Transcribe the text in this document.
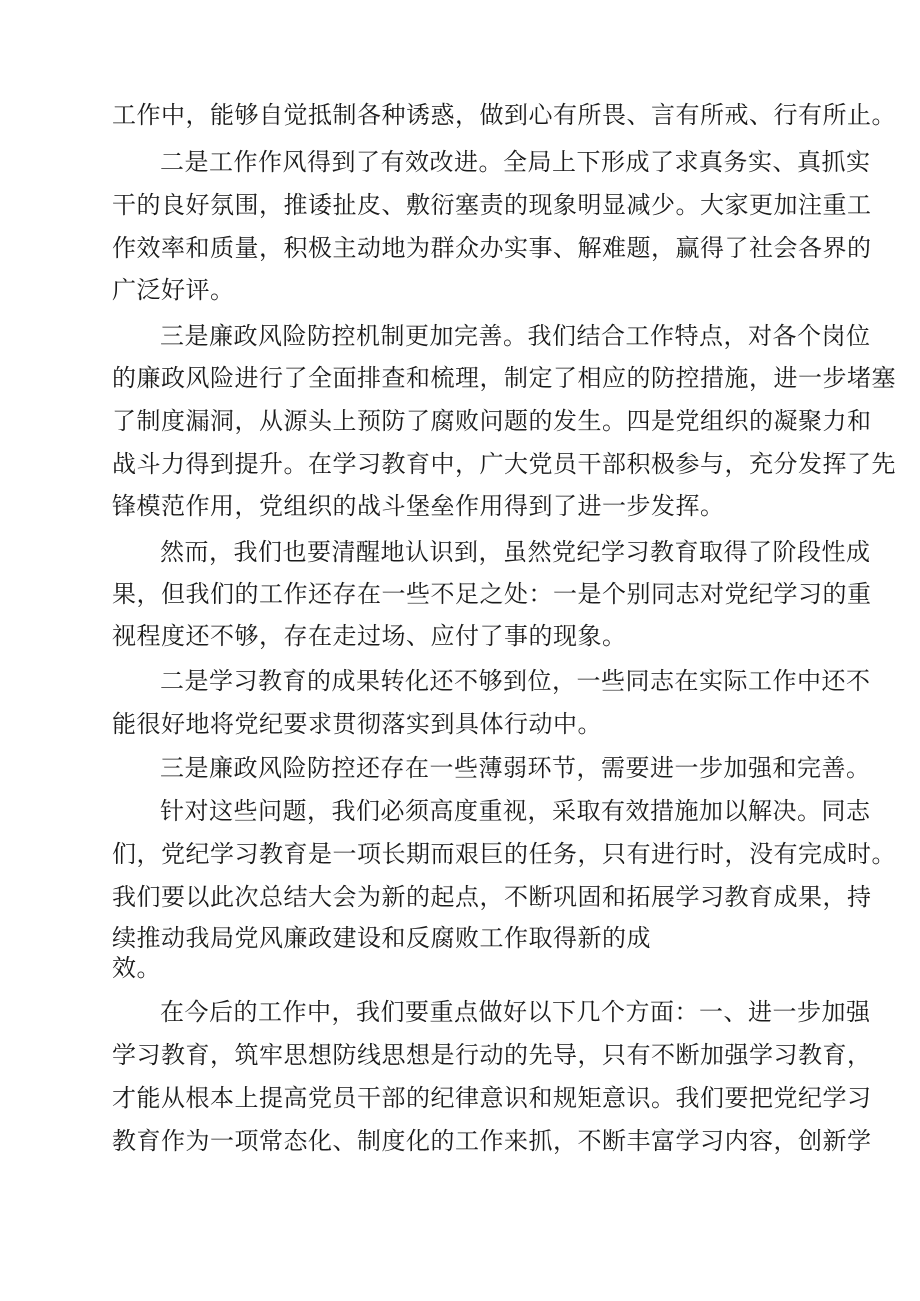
工作中，能够自觉抵制各种诱惑，做到心有所畏、言有所戒、行有所止。

二是工作作风得到了有效改进。全局上下形成了求真务实、真抓实

干的良好氛围，推诿扯皮、敷衍塞责的现象明显减少。大家更加注重工

作效率和质量，积极主动地为群众办实事、解难题，赢得了社会各界的

广泛好评。

三是廉政风险防控机制更加完善。我们结合工作特点，对各个岗位

的廉政风险进行了全面排查和梳理，制定了相应的防控措施，进一步堵塞

了制度漏洞，从源头上预防了腐败问题的发生。四是党组织的凝聚力和

战斗力得到提升。在学习教育中，广大党员干部积极参与，充分发挥了先

锋模范作用，党组织的战斗堡垒作用得到了进一步发挥。

然而，我们也要清醒地认识到，虽然党纪学习教育取得了阶段性成

果，但我们的工作还存在一些不足之处：一是个别同志对党纪学习的重

视程度还不够，存在走过场、应付了事的现象。

二是学习教育的成果转化还不够到位，一些同志在实际工作中还不

能很好地将党纪要求贯彻落实到具体行动中。

三是廉政风险防控还存在一些薄弱环节，需要进一步加强和完善。

针对这些问题，我们必须高度重视，采取有效措施加以解决。同志

们，党纪学习教育是一项长期而艰巨的任务，只有进行时，没有完成时。

我们要以此次总结大会为新的起点，不断巩固和拓展学习教育成果，持

续推动我局党风廉政建设和反腐败工作取得新的成

效。

在今后的工作中，我们要重点做好以下几个方面：一、进一步加强

学习教育，筑牢思想防线思想是行动的先导，只有不断加强学习教育，

才能从根本上提高党员干部的纪律意识和规矩意识。我们要把党纪学习

教育作为一项常态化、制度化的工作来抓，不断丰富学习内容，创新学
